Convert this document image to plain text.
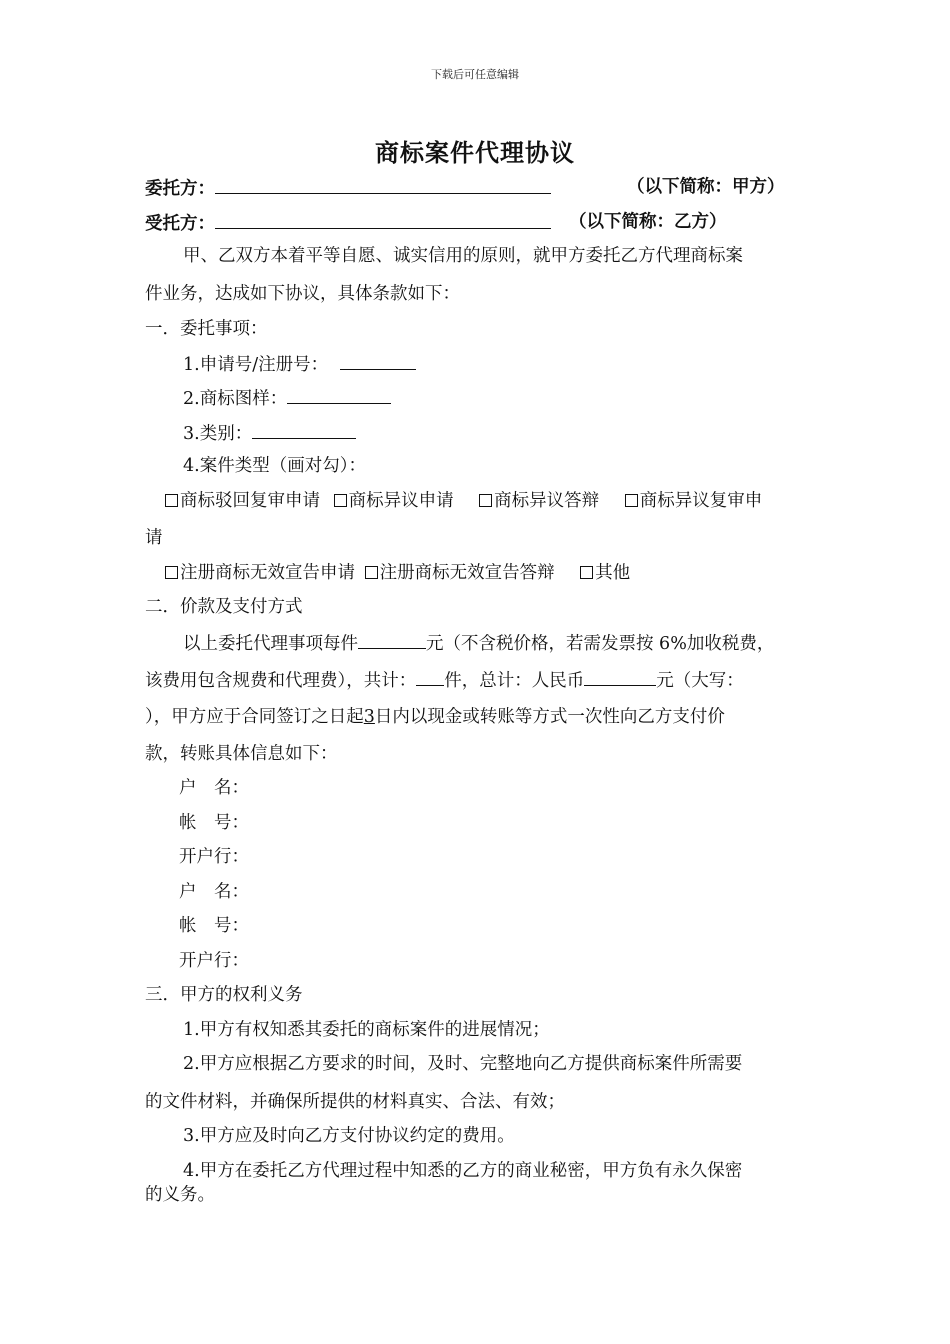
下载后可任意编辑
商标案件代理协议
委托方：	（以下简称：甲方）
受托方：	（以下简称：乙方）
甲、乙双方本着平等自愿、诚实信用的原则，就甲方委托乙方代理商标案
件业务，达成如下协议，具体条款如下：
一．委托事项：
1.申请号/注册号：
2.商标图样：
3.类别：
4.案件类型（画对勾）：
商标驳回复审申请 商标异议申请 商标异议答辩 商标异议复审申
请
注册商标无效宣告申请 注册商标无效宣告答辩 其他
二．价款及支付方式
以上委托代理事项每件	元（不含税价格，若需发票按 6%加收税费，
该费用包含规费和代理费），共计： 件，总计：人民币	元（大写：
），甲方应于合同签订之日起3日内以现金或转账等方式一次性向乙方支付价
款，转账具体信息如下：
户　名：
帐　号：
开户行：
户　名：
帐　号：
开户行：
三．甲方的权利义务
1.甲方有权知悉其委托的商标案件的进展情况；
2.甲方应根据乙方要求的时间，及时、完整地向乙方提供商标案件所需要
的文件材料，并确保所提供的材料真实、合法、有效；
3.甲方应及时向乙方支付协议约定的费用。
4.甲方在委托乙方代理过程中知悉的乙方的商业秘密，甲方负有永久保密
的义务。
